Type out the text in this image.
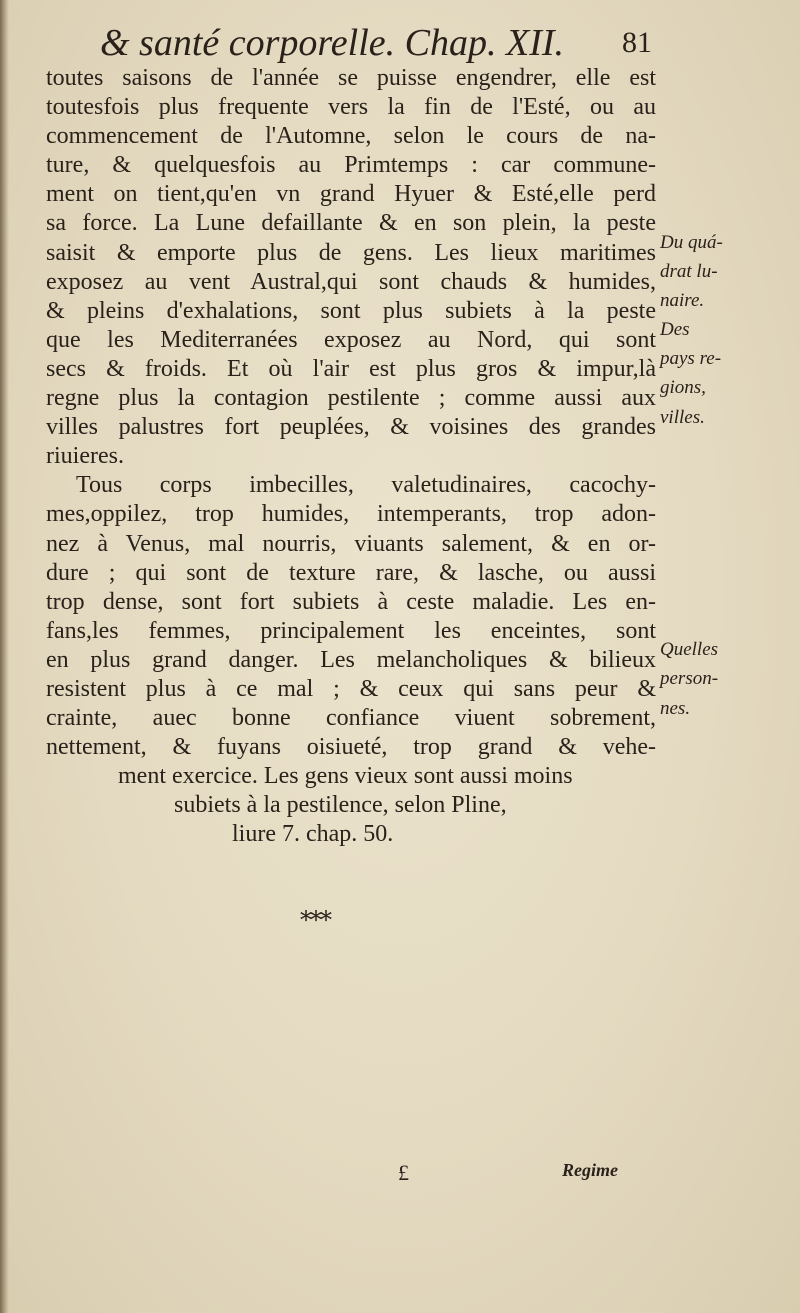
& santé corporelle. Chap. XII. 81
toutes saisons de l'année se puisse engendrer, elle est
toutesfois plus frequente vers la fin de l'Esté, ou au
commencement de l'Automne, selon le cours de na-
ture, & quelquesfois au Primtemps : car commune-
ment on tient,qu'en vn grand Hyuer & Esté,elle perd
sa force. La Lune defaillante & en son plein, la peste
saisit & emporte plus de gens. Les lieux maritimes
exposez au vent Austral,qui sont chauds & humides,
& pleins d'exhalations, sont plus subiets à la peste
que les Mediterranées exposez au Nord, qui sont
secs & froids. Et où l'air est plus gros & impur,là
regne plus la contagion pestilente ; comme aussi aux
villes palustres fort peuplées, & voisines des grandes
riuieres.
Tous corps imbecilles, valetudinaires, cacochy-
mes,oppilez, trop humides, intemperants, trop adon-
nez à Venus, mal nourris, viuants salement, & en or-
dure ; qui sont de texture rare, & lasche, ou aussi
trop dense, sont fort subiets à ceste maladie. Les en-
fans,les femmes, principalement les enceintes, sont
en plus grand danger. Les melancholiques & bilieux
resistent plus à ce mal ; & ceux qui sans peur &
crainte, auec bonne confiance viuent sobrement,
nettement, & fuyans oisiueté, trop grand & vehe-
ment exercice. Les gens vieux sont aussi moins
subiets à la pestilence, selon Pline,
liure 7. chap. 50.
***
Du quá-
drat lu-
naire.
Des
pays re-
gions,
villes.
Quelles
person-
nes.
£	Regime
